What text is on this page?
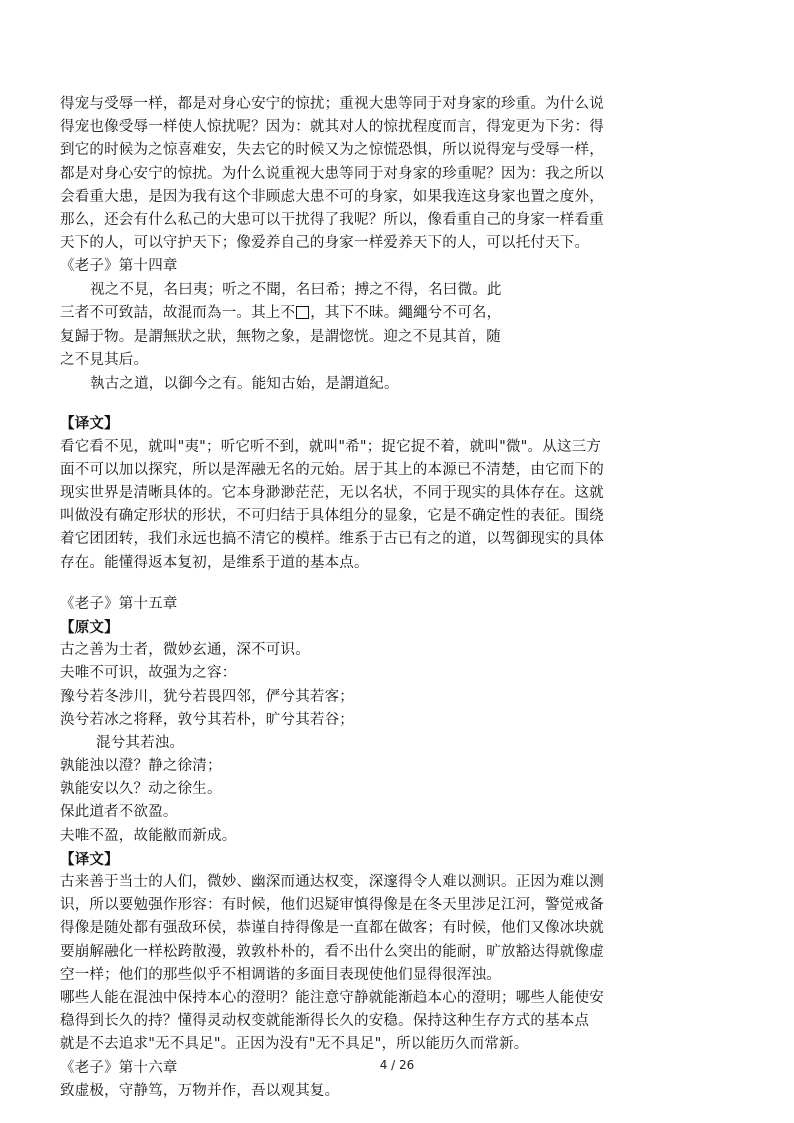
得宠与受辱一样，都是对身心安宁的惊扰；重视大患等同于对身家的珍重。为什么说
得宠也像受辱一样使人惊扰呢？因为：就其对人的惊扰程度而言，得宠更为下劣：得
到它的时候为之惊喜难安，失去它的时候又为之惊慌恐惧，所以说得宠与受辱一样，
都是对身心安宁的惊扰。为什么说重视大患等同于对身家的珍重呢？因为：我之所以
会看重大患，是因为我有这个非顾虑大患不可的身家，如果我连这身家也置之度外，
那么，还会有什么私己的大患可以干扰得了我呢？所以，像看重自己的身家一样看重
天下的人，可以守护天下；像爱养自己的身家一样爱养天下的人，可以托付天下。
《老子》第十四章
视之不見，名曰夷；听之不聞，名曰希；搏之不得，名曰微。此
三者不可致詰，故混而為一。其上不 ，其下不昧。繩繩兮不可名，
复歸于物。是謂無狀之狀，無物之象，是謂惚恍。迎之不見其首，随
之不見其后。
執古之道，以御今之有。能知古始，是謂道紀。
【译文】
看它看不见，就叫"夷"；听它听不到，就叫"希"；捉它捉不着，就叫"微"。从这三方
面不可以加以探究，所以是浑融无名的元始。居于其上的本源已不清楚，由它而下的
现实世界是清晰具体的。它本身渺渺茫茫，无以名状，不同于现实的具体存在。这就
叫做没有确定形状的形状，不可归结于具体组分的显象，它是不确定性的表征。围绕
着它团团转，我们永远也搞不清它的模样。维系于古已有之的道，以驾御现实的具体
存在。能懂得返本复初，是维系于道的基本点。
《老子》第十五章
【原文】
古之善为士者，微妙玄通，深不可识。
夫唯不可识，故强为之容：
豫兮若冬涉川，犹兮若畏四邻，俨兮其若客；
涣兮若冰之将释，敦兮其若朴，旷兮其若谷；
混兮其若浊。
孰能浊以澄？静之徐清；
孰能安以久？动之徐生。
保此道者不欲盈。
夫唯不盈，故能敝而新成。
【译文】
古来善于当士的人们，微妙、幽深而通达权变，深邃得令人难以测识。正因为难以测
识，所以要勉强作形容：有时候，他们迟疑审慎得像是在冬天里涉足江河，警觉戒备
得像是随处都有强敌环侯，恭谨自持得像是一直都在做客；有时候，他们又像冰块就
要崩解融化一样松跨散漫，敦敦朴朴的，看不出什么突出的能耐，旷放豁达得就像虚
空一样；他们的那些似乎不相调谐的多面目表现使他们显得很浑浊。
哪些人能在混浊中保持本心的澄明？能注意守静就能渐趋本心的澄明；哪些人能使安
稳得到长久的持？懂得灵动权变就能渐得长久的安稳。保持这种生存方式的基本点
就是不去追求"无不具足"。正因为没有"无不具足"，所以能历久而常新。
《老子》第十六章
致虚极，守静笃，万物并作，吾以观其复。
4 / 26
